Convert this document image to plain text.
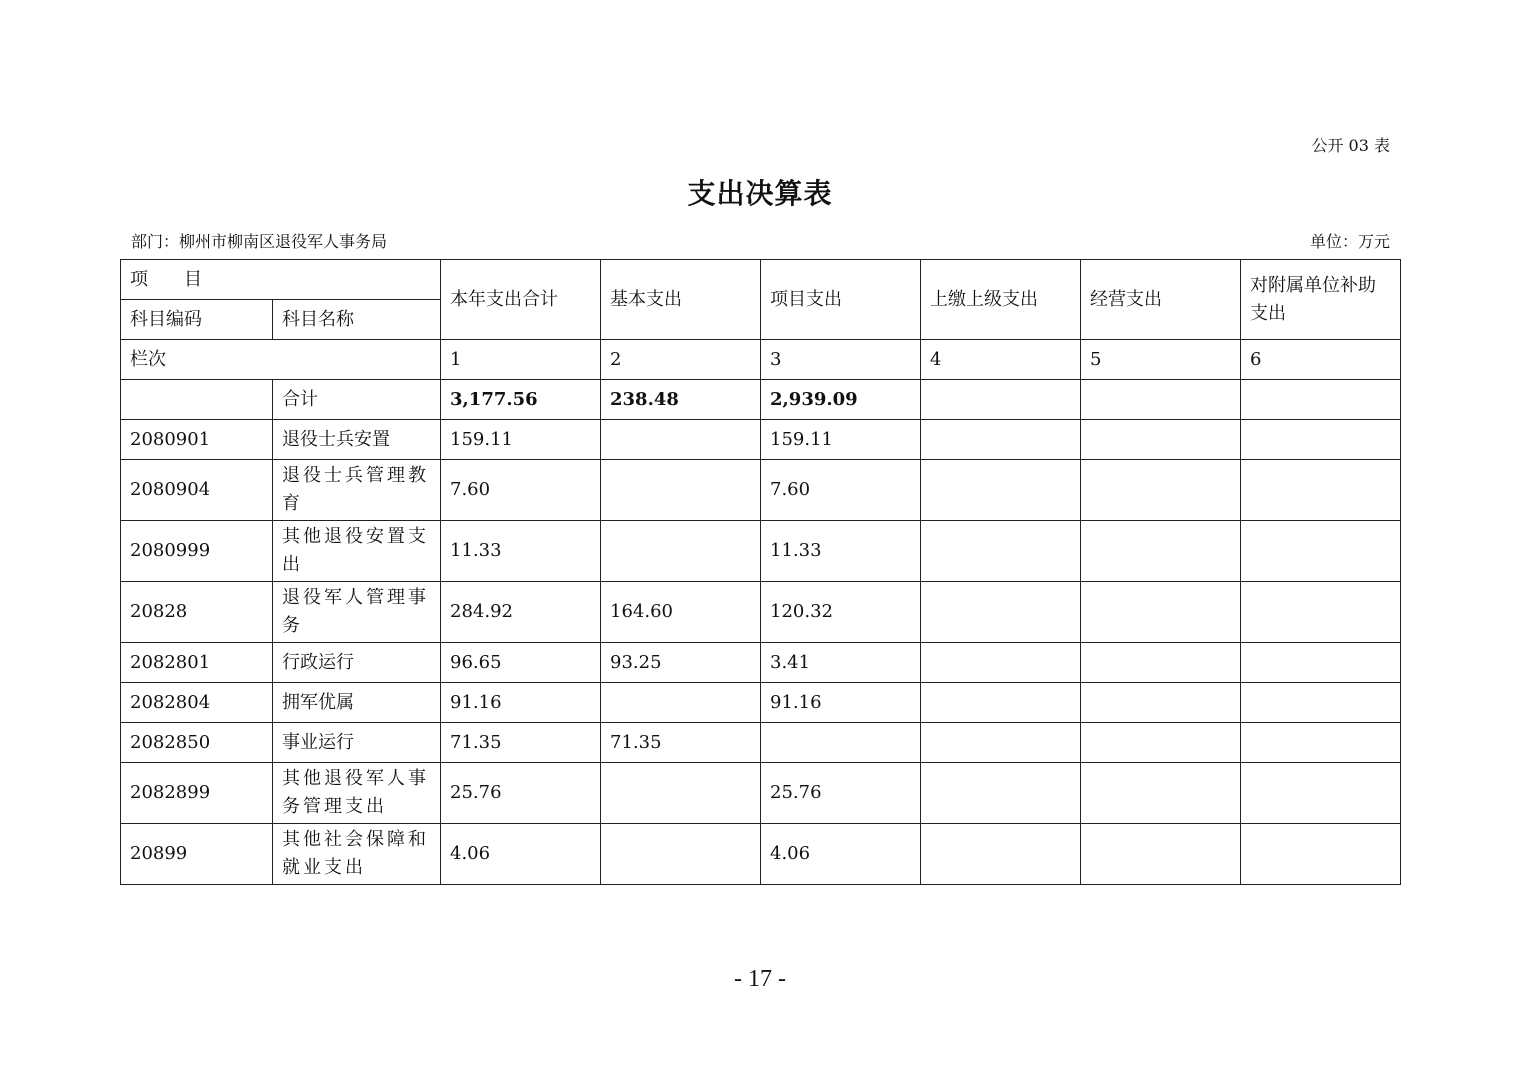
公开 03 表
支出决算表
部门：柳州市柳南区退役军人事务局	单位：万元
项　　目		本年支出合计	基本支出	项目支出	上缴上级支出	经营支出	对附属单位补助支出
科目编码	科目名称						
栏次		1	2	3	4	5	6
	合计	3,177.56	238.48	2,939.09			
2080901	退役士兵安置	159.11		159.11			
2080904	退役士兵管理教育	7.60		7.60			
2080999	其他退役安置支出	11.33		11.33			
20828	退役军人管理事务	284.92	164.60	120.32			
2082801	行政运行	96.65	93.25	3.41			
2082804	拥军优属	91.16		91.16			
2082850	事业运行	71.35	71.35				
2082899	其他退役军人事务管理支出	25.76		25.76			
20899	其他社会保障和就业支出	4.06		4.06			
- 17 -
